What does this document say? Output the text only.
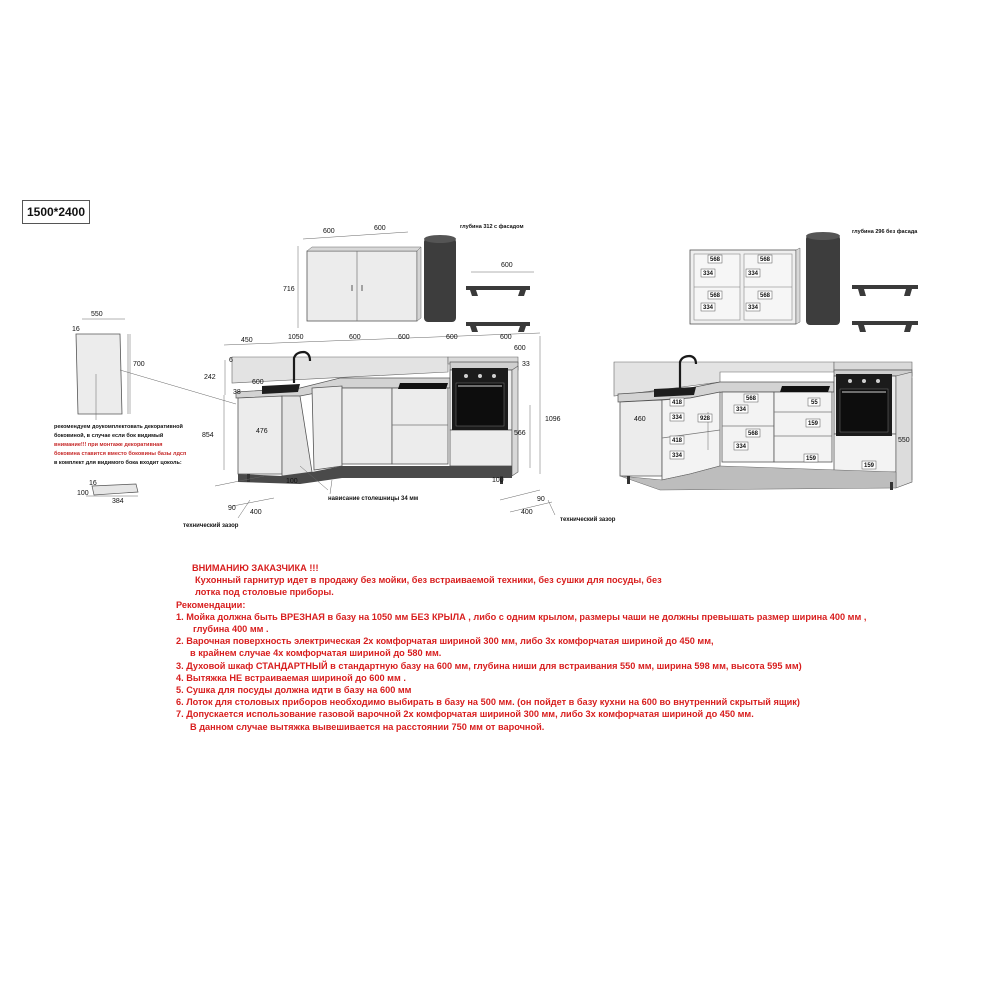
1500*2400
600	600
716
600
глубина 312 с фасадом
550
16
700
450	1050	600	600	600	600
600
6
242
38
600
33
476
854
1096
566
100	100
90
400
90
400
нависание столешницы 34 мм
технический зазор
технический зазор
рекомендуем доукомплектовать декоративной
боковиной, в случае если бок видимый
внимание!!! при монтаже декоративная
боковина ставится вместо боковины базы лдсп
в комплект для видимого бока входит цоколь:
16
100
384
568	568
334	334
568	568
334	334
глубина 296 без фасада
460
418
334
418
334
928
568
334
568
334
55
159
159
159
550
ВНИМАНИЮ ЗАКАЗЧИКА !!!
Кухонный гарнитур идет в продажу без мойки, без встраиваемой техники, без сушки для посуды, без
лотка под столовые приборы.
Рекомендации:
1. Мойка должна быть ВРЕЗНАЯ в базу на 1050 мм БЕЗ КРЫЛА , либо с одним крылом, размеры чаши не должны превышать размер ширина 400 мм ,
глубина 400 мм .
2. Варочная поверхность электрическая 2х комфорчатая шириной 300 мм, либо 3х комфорчатая шириной до 450 мм,
в крайнем случае 4х комфорчатая шириной до 580 мм.
3. Духовой шкаф СТАНДАРТНЫЙ в стандартную базу на 600 мм, глубина ниши для встраивания 550 мм, ширина 598 мм, высота 595 мм)
4. Вытяжка НЕ встраиваемая шириной до 600 мм .
5. Сушка для посуды должна идти в базу на 600 мм
6. Лоток для столовых приборов необходимо выбирать в базу на 500 мм. (он пойдет в базу кухни на 600 во внутренний скрытый ящик)
7. Допускается использование газовой варочной 2х комфорчатая шириной 300 мм, либо 3х комфорчатая шириной до 450 мм.
В данном случае вытяжка вывешивается на расстоянии 750 мм от варочной.
